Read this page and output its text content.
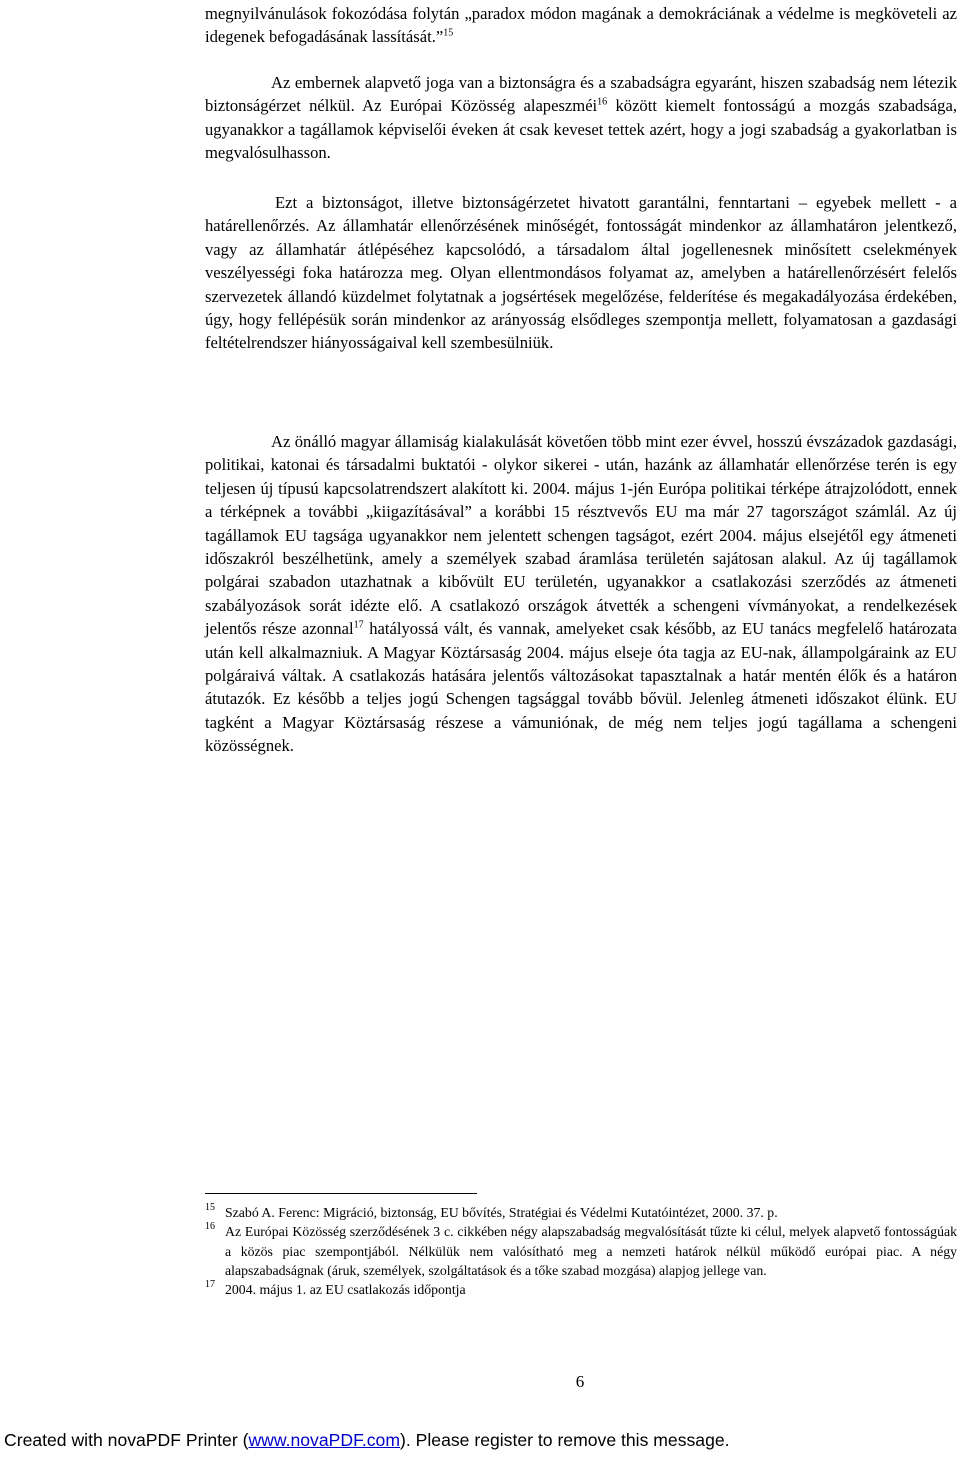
megnyilvánulások fokozódása folytán „paradox módon magának a demokráciának a védelme is megköveteli az idegenek befogadásának lassítását.”$^{15}$

Az embernek alapvető joga van a biztonságra és a szabadságra egyaránt, hiszen szabadság nem létezik biztonságérzet nélkül. Az Európai Közösség alapeszméi$^{16}$ között kiemelt fontosságú a mozgás szabadsága, ugyanakkor a tagállamok képviselői éveken át csak keveset tettek azért, hogy a jogi szabadság a gyakorlatban is megvalósulhasson.

Ezt a biztonságot, illetve biztonságérzetet hivatott garantálni, fenntartani – egyebek mellett - a határellenőrzés. Az államhatár ellenőrzésének minőségét, fontosságát mindenkor az államhatáron jelentkező, vagy az államhatár átlépéséhez kapcsolódó, a társadalom által jogellenesnek minősített cselekmények veszélyességi foka határozza meg. Olyan ellentmondásos folyamat az, amelyben a határellenőrzésért felelős szervezetek állandó küzdelmet folytatnak a jogsértések megelőzése, felderítése és megakadályozása érdekében, úgy, hogy fellépésük során mindenkor az arányosság elsődleges szempontja mellett, folyamatosan a gazdasági feltételrendszer hiányosságaival kell szembesülniük.

Az önálló magyar államiság kialakulását követően több mint ezer évvel, hosszú évszázadok gazdasági, politikai, katonai és társadalmi buktatói - olykor sikerei - után, hazánk az államhatár ellenőrzése terén is egy teljesen új típusú kapcsolatrendszert alakított ki. 2004. május 1-jén Európa politikai térképe átrajzolódott, ennek a térképnek a további „kiigazításával” a korábbi 15 résztvevős EU ma már 27 tagországot számlál. Az új tagállamok EU tagsága ugyanakkor nem jelentett schengen tagságot, ezért 2004. május elsejétől egy átmeneti időszakról beszélhetünk, amely a személyek szabad áramlása területén sajátosan alakul. Az új tagállamok polgárai szabadon utazhatnak a kibővült EU területén, ugyanakkor a csatlakozási szerződés az átmeneti szabályozások sorát idézte elő. A csatlakozó országok átvették a schengeni vívmányokat, a rendelkezések jelentős része azonnal$^{17}$ hatályossá vált, és vannak, amelyeket csak később, az EU tanács megfelelő határozata után kell alkalmazniuk. A Magyar Köztársaság 2004. május elseje óta tagja az EU-nak, állampolgáraink az EU polgáraivá váltak. A csatlakozás hatására jelentős változásokat tapasztalnak a határ mentén élők és a határon átutazók. Ez később a teljes jogú Schengen tagsággal tovább bővül. Jelenleg átmeneti időszakot élünk. EU tagként a Magyar Köztársaság részese a vámuniónak, de még nem teljes jogú tagállama a schengeni közösségnek.

15 Szabó A. Ferenc: Migráció, biztonság, EU bővítés, Stratégiai és Védelmi Kutatóintézet, 2000. 37. p.
16 Az Európai Közösség szerződésének 3 c. cikkében négy alapszabadság megvalósítását tűzte ki célul, melyek alapvető fontosságúak a közös piac szempontjából. Nélkülük nem valósítható meg a nemzeti határok nélkül működő európai piac. A négy alapszabadságnak (áruk, személyek, szolgáltatások és a tőke szabad mozgása) alapjog jellege van.
17 2004. május 1. az EU csatlakozás időpontja
6
Created with novaPDF Printer (www.novaPDF.com). Please register to remove this message.
